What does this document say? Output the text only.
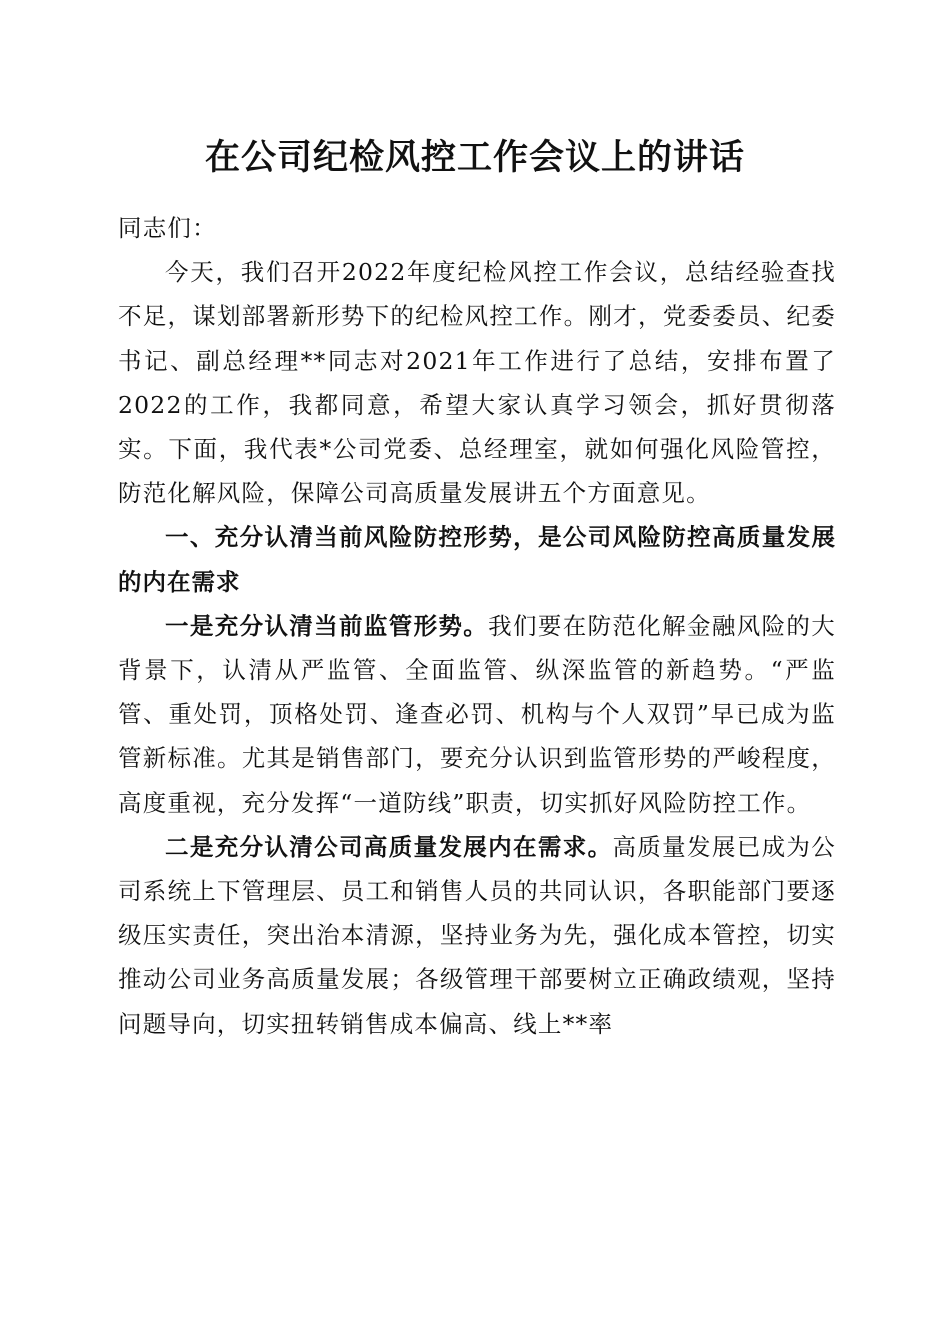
在公司纪检风控工作会议上的讲话

同志们：

今天，我们召开2022年度纪检风控工作会议，总结经验查找不足，谋划部署新形势下的纪检风控工作。刚才，党委委员、纪委书记、副总经理**同志对2021年工作进行了总结，安排布置了2022的工作，我都同意，希望大家认真学习领会，抓好贯彻落实。下面，我代表*公司党委、总经理室，就如何强化风险管控，防范化解风险，保障公司高质量发展讲五个方面意见。

一、充分认清当前风险防控形势，是公司风险防控高质量发展的内在需求

一是充分认清当前监管形势。我们要在防范化解金融风险的大背景下，认清从严监管、全面监管、纵深监管的新趋势。“严监管、重处罚，顶格处罚、逢查必罚、机构与个人双罚”早已成为监管新标准。尤其是销售部门，要充分认识到监管形势的严峻程度，高度重视，充分发挥“一道防线”职责，切实抓好风险防控工作。

二是充分认清公司高质量发展内在需求。高质量发展已成为公司系统上下管理层、员工和销售人员的共同认识，各职能部门要逐级压实责任，突出治本清源，坚持业务为先，强化成本管控，切实推动公司业务高质量发展；各级管理干部要树立正确政绩观，坚持问题导向，切实扭转销售成本偏高、线上**率
